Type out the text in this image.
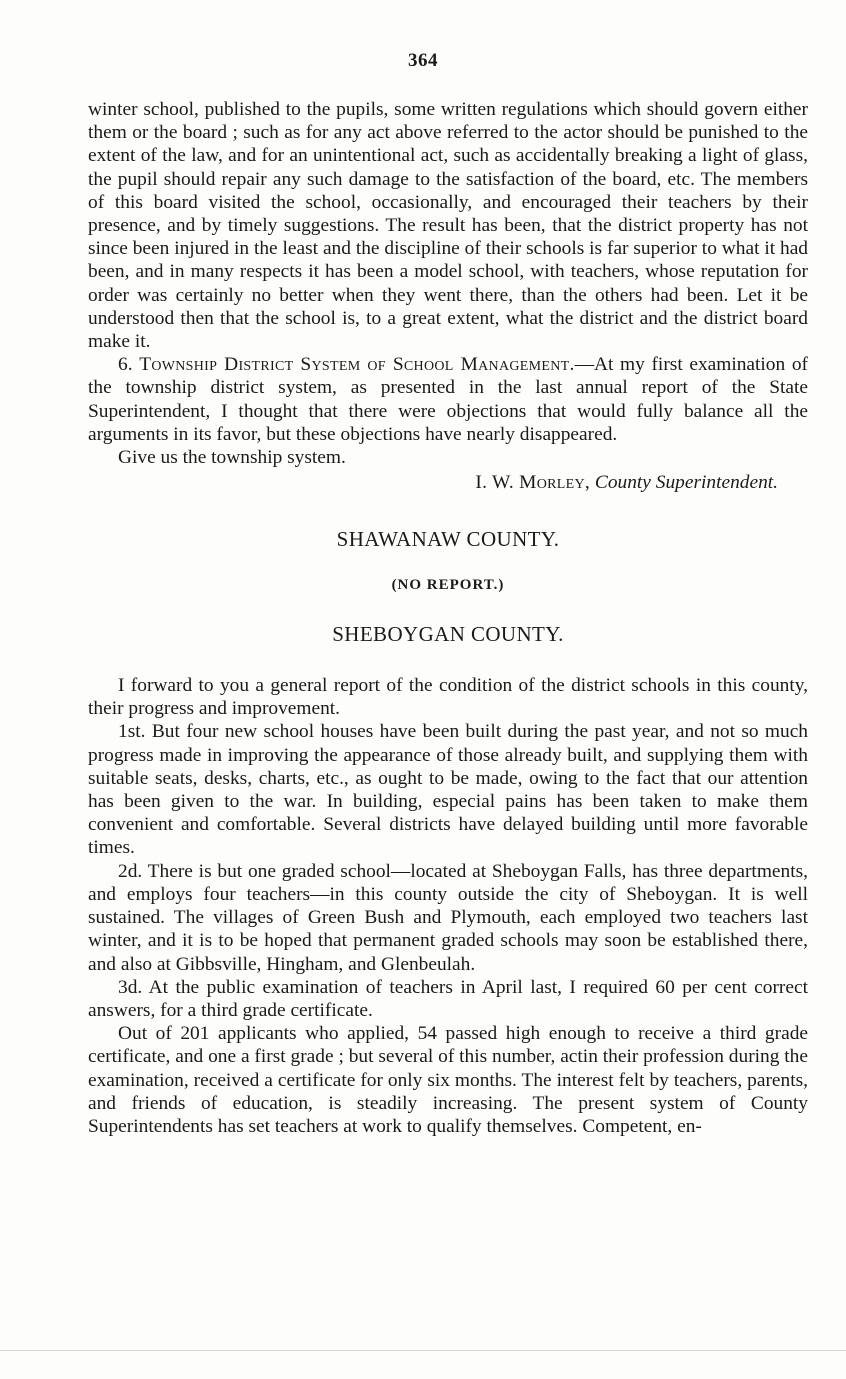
364

winter school, published to the pupils, some written regulations which should govern either them or the board ; such as for any act above referred to the actor should be punished to the extent of the law, and for an unintentional act, such as accidentally breaking a light of glass, the pupil should repair any such damage to the satisfaction of the board, etc. The members of this board visited the school, occasionally, and encouraged their teachers by their presence, and by timely suggestions. The result has been, that the district property has not since been injured in the least and the discipline of their schools is far superior to what it had been, and in many respects it has been a model school, with teachers, whose reputation for order was certainly no better when they went there, than the others had been. Let it be understood then that the school is, to a great extent, what the district and the district board make it.

6. Township District System of School Management.—At my first examination of the township district system, as presented in the last annual report of the State Superintendent, I thought that there were objections that would fully balance all the arguments in its favor, but these objections have nearly disappeared.

Give us the township system.

I. W. Morley, County Superintendent.
SHAWANAW COUNTY.
(NO REPORT.)
SHEBOYGAN COUNTY.

I forward to you a general report of the condition of the district schools in this county, their progress and improvement.

1st. But four new school houses have been built during the past year, and not so much progress made in improving the appearance of those already built, and supplying them with suitable seats, desks, charts, etc., as ought to be made, owing to the fact that our attention has been given to the war. In building, especial pains has been taken to make them convenient and comfortable. Several districts have delayed building until more favorable times.

2d. There is but one graded school—located at Sheboygan Falls, has three departments, and employs four teachers—in this county outside the city of Sheboygan. It is well sustained. The villages of Green Bush and Plymouth, each employed two teachers last winter, and it is to be hoped that permanent graded schools may soon be established there, and also at Gibbsville, Hingham, and Glenbeulah.

3d. At the public examination of teachers in April last, I required 60 per cent correct answers, for a third grade certificate.

Out of 201 applicants who applied, 54 passed high enough to receive a third grade certificate, and one a first grade ; but several of this number, actin their profession during the examination, received a certificate for only six months. The interest felt by teachers, parents, and friends of education, is steadily increasing. The present system of County Superintendents has set teachers at work to qualify themselves. Competent, en-
